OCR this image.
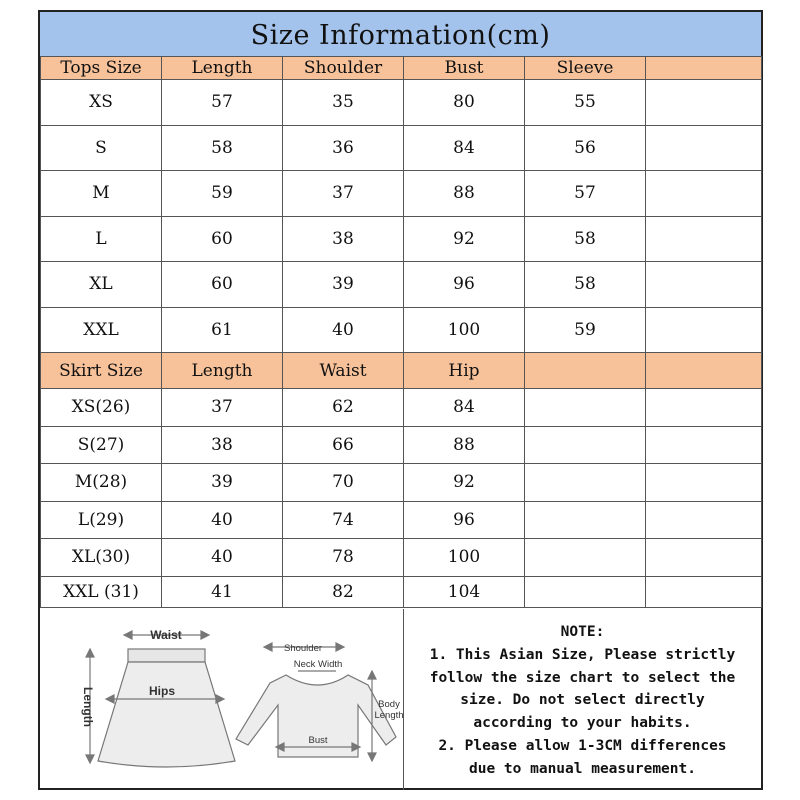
Size Information(cm)
Tops Size	Length	Shoulder	Bust	Sleeve	
XS	57	35	80	55	
S	58	36	84	56	
M	59	37	88	57	
L	60	38	92	58	
XL	60	39	96	58	
XXL	61	40	100	59	
Skirt Size	Length	Waist	Hip		
XS(26)	37	62	84		
S(27)	38	66	88		
M(28)	39	70	92		
L(29)	40	74	96		
XL(30)	40	78	100		
XXL (31)	41	82	104		
Waist
Hips
Length
Shoulder
Neck Width
Body
Length
Bust
NOTE:
1. This Asian Size, Please strictly
follow the size chart to select the
size. Do not select directly
according to your habits.
2. Please allow 1-3CM differences
due to manual measurement.
